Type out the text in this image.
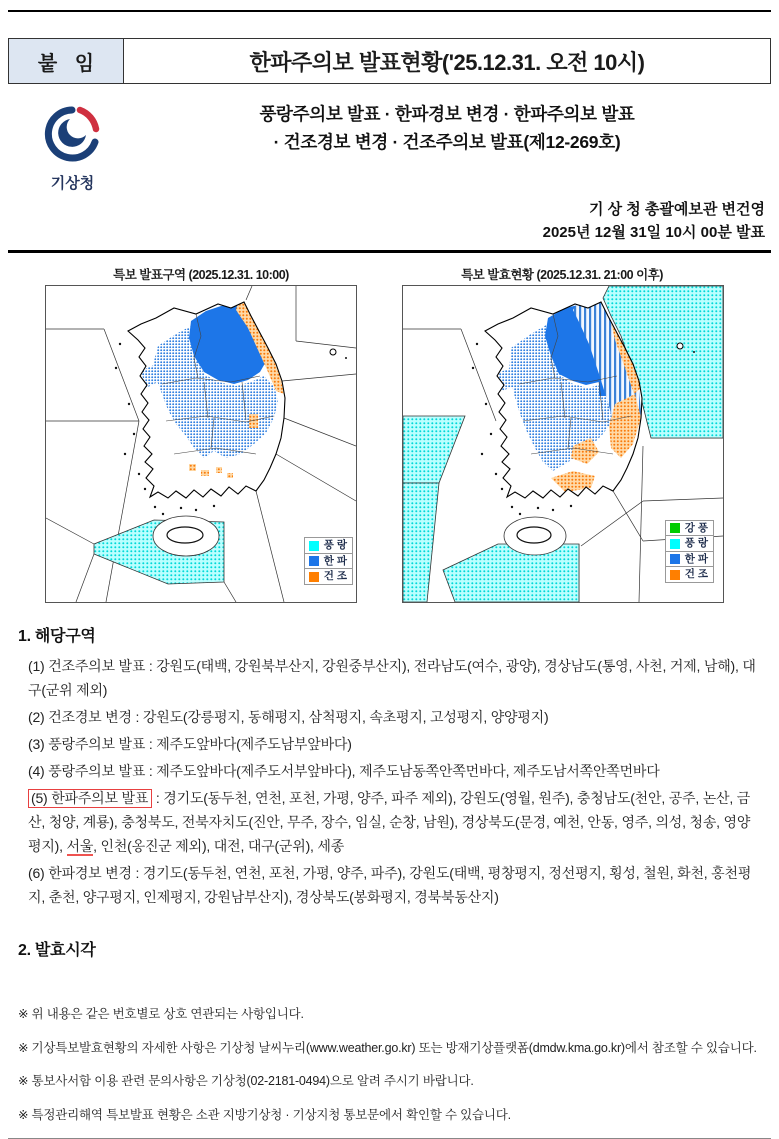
붙 임	한파주의보 발표현황('25.12.31. 오전 10시)
기상청
풍랑주의보 발표 · 한파경보 변경 · 한파주의보 발표
· 건조경보 변경 · 건조주의보 발표(제12-269호)
기 상 청 총괄예보관 변건영
2025년 12월 31일 10시 00분 발표
특보 발표구역 (2025.12.31. 10:00)
풍 랑
한 파
건 조
특보 발효현황 (2025.12.31. 21:00 이후)
강 풍
풍 랑
한 파
건 조
1. 해당구역

(1) 건조주의보 발표 : 강원도(태백, 강원북부산지, 강원중부산지), 전라남도(여수, 광양), 경상남도(통영, 사천, 거제, 남해), 대구(군위 제외)

(2) 건조경보 변경 : 강원도(강릉평지, 동해평지, 삼척평지, 속초평지, 고성평지, 양양평지)

(3) 풍랑주의보 발표 : 제주도앞바다(제주도남부앞바다)

(4) 풍랑주의보 발표 : 제주도앞바다(제주도서부앞바다), 제주도남동쪽안쪽먼바다, 제주도남서쪽안쪽먼바다

(5) 한파주의보 발표 : 경기도(동두천, 연천, 포천, 가평, 양주, 파주 제외), 강원도(영월, 원주), 충청남도(천안, 공주, 논산, 금산, 청양, 계룡), 충청북도, 전북자치도(진안, 무주, 장수, 임실, 순창, 남원), 경상북도(문경, 예천, 안동, 영주, 의성, 청송, 영양평지), 서울, 인천(옹진군 제외), 대전, 대구(군위), 세종

(6) 한파경보 변경 : 경기도(동두천, 연천, 포천, 가평, 양주, 파주), 강원도(태백, 평창평지, 정선평지, 횡성, 철원, 화천, 홍천평지, 춘천, 양구평지, 인제평지, 강원남부산지), 경상북도(봉화평지, 경북북동산지)

2. 발효시각

※ 위 내용은 같은 번호별로 상호 연관되는 사항입니다.

※ 기상특보발효현황의 자세한 사항은 기상청 날씨누리(www.weather.go.kr) 또는 방재기상플랫폼(dmdw.kma.go.kr)에서 참조할 수 있습니다.

※ 통보사서함 이용 관련 문의사항은 기상청(02-2181-0494)으로 알려 주시기 바랍니다.

※ 특정관리해역 특보발표 현황은 소관 지방기상청 · 기상지청 통보문에서 확인할 수 있습니다.
